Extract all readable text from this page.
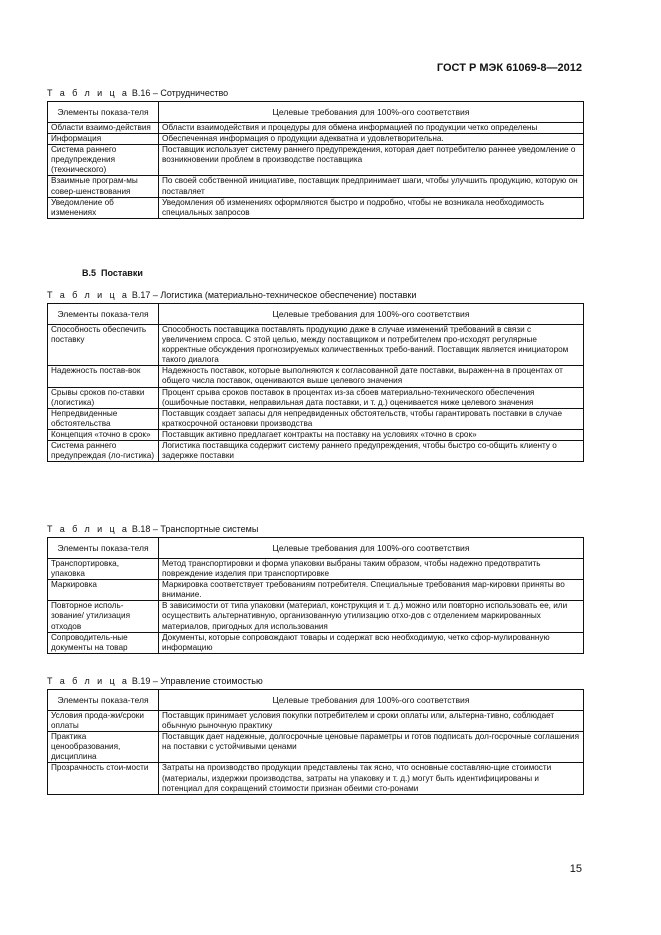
ГОСТ Р МЭК 61069-8—2012
Т а б л и ц а В.16 – Сотрудничество
Элементы показа-теля	Целевые требования для 100%-ого соответствия
Области взаимо-действия	Области взаимодействия и процедуры для обмена информацией по продукции четко определены
Информация	Обеспеченная информация о продукции адекватна и удовлетворительна.
Система раннего предупреждения (технического)	Поставщик использует систему раннего предупреждения, которая дает потребителю раннее уведомление о возникновении проблем в производстве поставщика
Взаимные програм-мы совер-шенствования	По своей собственной инициативе, поставщик предпринимает шаги, чтобы улучшить продукцию, которую он поставляет
Уведомление об изменениях	Уведомления об изменениях оформляются быстро и подробно, чтобы не возникала необходимость специальных запросов
В.5 Поставки
Т а б л и ц а В.17 – Логистика (материально-техническое обеспечение) поставки
Элементы показа-теля	Целевые требования для 100%-ого соответствия
Способность обеспечить поставку	Способность поставщика поставлять продукцию даже в случае изменений требований в связи с увеличением спроса. С этой целью, между поставщиком и потребителем про-исходят регулярные корректные обсуждения прогнозируемых количественных требо-ваний. Поставщик является инициатором такого диалога
Надежность постав-вок	Надежность поставок, которые выполняются к согласованной дате поставки, выражен-на в процентах от общего числа поставок, оцениваются выше целевого значения
Срывы сроков по-ставки (логистика)	Процент срыва сроков поставок в процентах из-за сбоев материально-технического обеспечения (ошибочные поставки, неправильная дата поставки, и т. д.) оценивается ниже целевого значения
Непредвиденные обстоятельства	Поставщик создает запасы для непредвиденных обстоятельств, чтобы гарантировать поставки в случае краткосрочной остановки производства
Концепция «точно в срок»	Поставщик активно предлагает контракты на поставку на условиях «точно в срок»
Система раннего предупреждая (ло-гистика)	Логистика поставщика содержит систему раннего предупреждения, чтобы быстро со-общить клиенту о задержке поставки
Т а б л и ц а В.18 – Транспортные системы
Элементы показа-теля	Целевые требования для 100%-ого соответствия
Транспортировка, упаковка	Метод транспортировки и форма упаковки выбраны таким образом, чтобы надежно предотвратить повреждение изделия при транспортировке
Маркировка	Маркировка соответствует требованиям потребителя. Специальные требования мар-кировки приняты во внимание.
Повторное исполь-зование/ утилизация отходов	В зависимости от типа упаковки (материал, конструкция и т. д.) можно или повторно использовать ее, или осуществить альтернативную, организованную утилизацию отхо-дов с отделением маркированных материалов, пригодных для использования
Сопроводитель-ные документы на товар	Документы, которые сопровождают товары и содержат всю необходимую, четко сфор-мулированную информацию
Т а б л и ц а В.19 – Управление стоимостью
Элементы показа-теля	Целевые требования для 100%-ого соответствия
Условия прода-жи/сроки оплаты	Поставщик принимает условия покупки потребителем и сроки оплаты или, альтерна-тивно, соблюдает обычную рыночную практику
Практика ценообразования, дисциплина	Поставщик дает надежные, долгосрочные ценовые параметры и готов подписать дол-госрочные соглашения на поставки с устойчивыми ценами
Прозрачность стои-мости	Затраты на производство продукции представлены так ясно, что основные составляю-щие стоимости (материалы, издержки производства, затраты на упаковку и т. д.) могут быть идентифицированы и потенциал для сокращений стоимости признан обеими сто-ронами
15
